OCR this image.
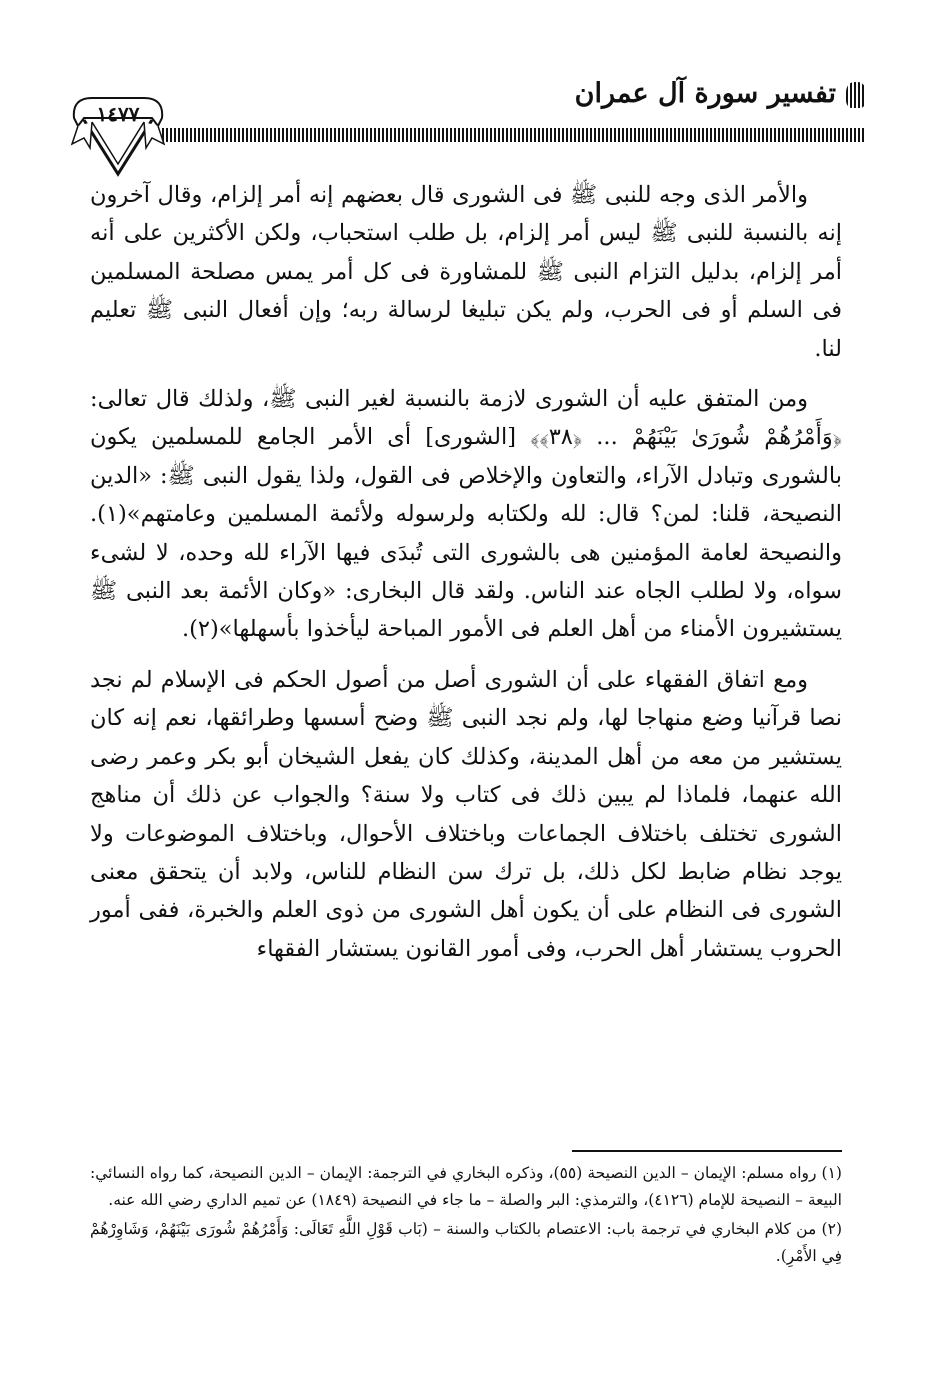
تفسير سورة آل عمران
١٤٧٧

والأمر الذى وجه للنبى ﷺ فى الشورى قال بعضهم إنه أمر إلزام، وقال آخرون إنه بالنسبة للنبى ﷺ ليس أمر إلزام، بل طلب استحباب، ولكن الأكثرين على أنه أمر إلزام، بدليل التزام النبى ﷺ للمشاورة فى كل أمر يمس مصلحة المسلمين فى السلم أو فى الحرب، ولم يكن تبليغا لرسالة ربه؛ وإن أفعال النبى ﷺ تعليم لنا.

ومن المتفق عليه أن الشورى لازمة بالنسبة لغير النبى ﷺ، ولذلك قال تعالى: ﴿وَأَمْرُهُمْ شُورَىٰ بَيْنَهُمْ ... ﴿٣٨﴾﴾ [الشورى] أى الأمر الجامع للمسلمين يكون بالشورى وتبادل الآراء، والتعاون والإخلاص فى القول، ولذا يقول النبى ﷺ: «الدين النصيحة، قلنا: لمن؟ قال: لله ولكتابه ولرسوله ولأئمة المسلمين وعامتهم»(١). والنصيحة لعامة المؤمنين هى بالشورى التى تُبدَى فيها الآراء لله وحده، لا لشىء سواه، ولا لطلب الجاه عند الناس. ولقد قال البخارى: «وكان الأئمة بعد النبى ﷺ يستشيرون الأمناء من أهل العلم فى الأمور المباحة ليأخذوا بأسهلها»(٢).

ومع اتفاق الفقهاء على أن الشورى أصل من أصول الحكم فى الإسلام لم نجد نصا قرآنيا وضع منهاجا لها، ولم نجد النبى ﷺ وضح أسسها وطرائقها، نعم إنه كان يستشير من معه من أهل المدينة، وكذلك كان يفعل الشيخان أبو بكر وعمر رضى الله عنهما، فلماذا لم يبين ذلك فى كتاب ولا سنة؟ والجواب عن ذلك أن مناهج الشورى تختلف باختلاف الجماعات وباختلاف الأحوال، وباختلاف الموضوعات ولا يوجد نظام ضابط لكل ذلك، بل ترك سن النظام للناس، ولابد أن يتحقق معنى الشورى فى النظام على أن يكون أهل الشورى من ذوى العلم والخبرة، ففى أمور الحروب يستشار أهل الحرب، وفى أمور القانون يستشار الفقهاء

(١) رواه مسلم: الإيمان – الدين النصيحة (٥٥)، وذكره البخاري في الترجمة: الإيمان – الدين النصيحة، كما رواه النسائي: البيعة – النصيحة للإمام (٤١٢٦)، والترمذي: البر والصلة – ما جاء في النصيحة (١٨٤٩) عن تميم الداري رضي الله عنه.

(٢) من كلام البخاري في ترجمة باب: الاعتصام بالكتاب والسنة – (بَاب قَوْلِ اللَّهِ تَعَالَى: وَأَمْرُهُمْ شُورَى بَيْنَهُمْ، وَشَاوِرْهُمْ فِي الأَمْرِ).
